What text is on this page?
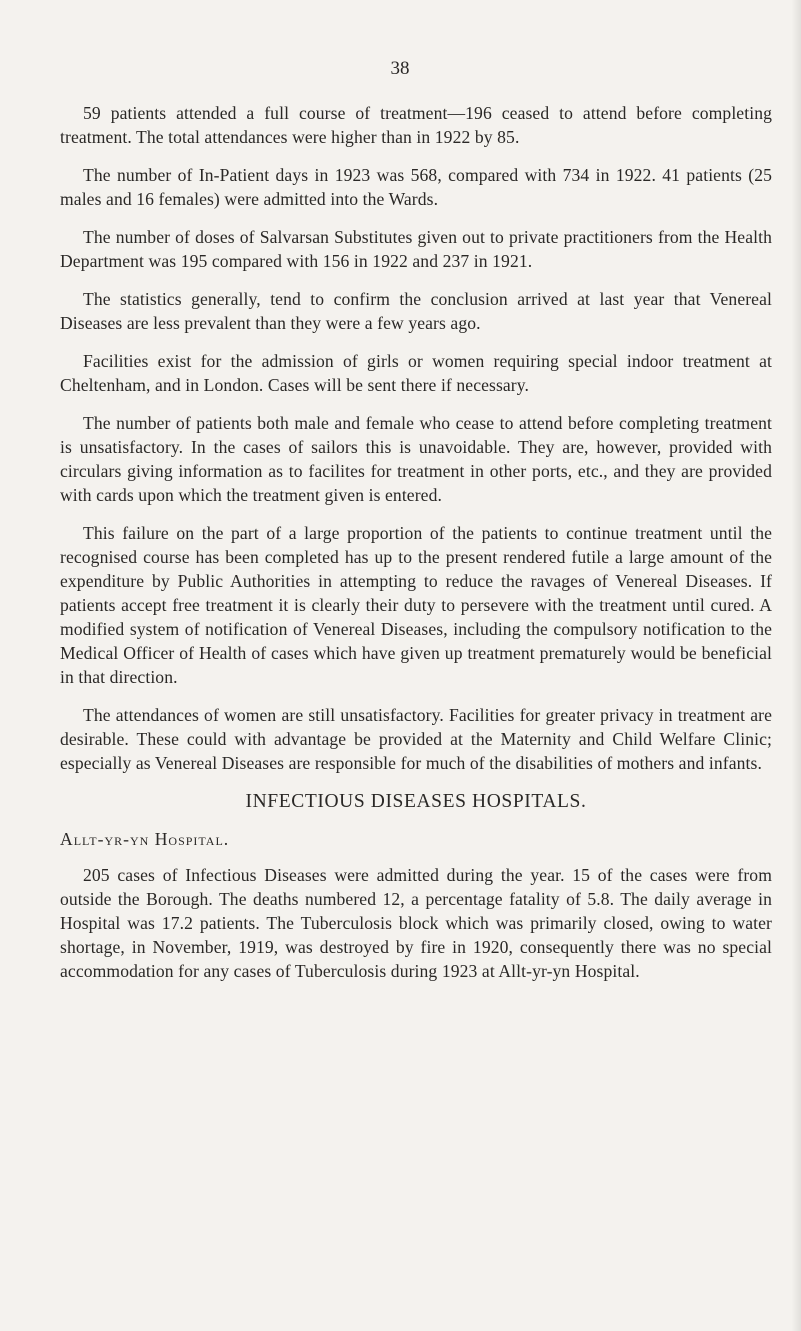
38

59 patients attended a full course of treatment—196 ceased to attend before completing treatment. The total attendances were higher than in 1922 by 85.

The number of In-Patient days in 1923 was 568, compared with 734 in 1922. 41 patients (25 males and 16 females) were admitted into the Wards.

The number of doses of Salvarsan Substitutes given out to private practitioners from the Health Department was 195 compared with 156 in 1922 and 237 in 1921.

The statistics generally, tend to confirm the conclusion arrived at last year that Venereal Diseases are less prevalent than they were a few years ago.

Facilities exist for the admission of girls or women requiring special indoor treatment at Cheltenham, and in London. Cases will be sent there if necessary.

The number of patients both male and female who cease to attend before completing treatment is unsatisfactory. In the cases of sailors this is unavoidable. They are, however, provided with circulars giving information as to facilites for treatment in other ports, etc., and they are provided with cards upon which the treatment given is entered.

This failure on the part of a large proportion of the patients to continue treatment until the recognised course has been completed has up to the present rendered futile a large amount of the expenditure by Public Authorities in attempting to reduce the ravages of Venereal Diseases. If patients accept free treatment it is clearly their duty to persevere with the treatment until cured. A modified system of notification of Venereal Diseases, including the compulsory notification to the Medical Officer of Health of cases which have given up treatment prematurely would be beneficial in that direction.

The attendances of women are still unsatisfactory. Facilities for greater privacy in treatment are desirable. These could with advantage be provided at the Maternity and Child Welfare Clinic; especially as Venereal Diseases are responsible for much of the disabilities of mothers and infants.

INFECTIOUS DISEASES HOSPITALS.
Allt-yr-yn Hospital.

205 cases of Infectious Diseases were admitted during the year. 15 of the cases were from outside the Borough. The deaths numbered 12, a percentage fatality of 5.8. The daily average in Hospital was 17.2 patients. The Tuberculosis block which was primarily closed, owing to water shortage, in November, 1919, was destroyed by fire in 1920, consequently there was no special accommodation for any cases of Tuberculosis during 1923 at Allt-yr-yn Hospital.
